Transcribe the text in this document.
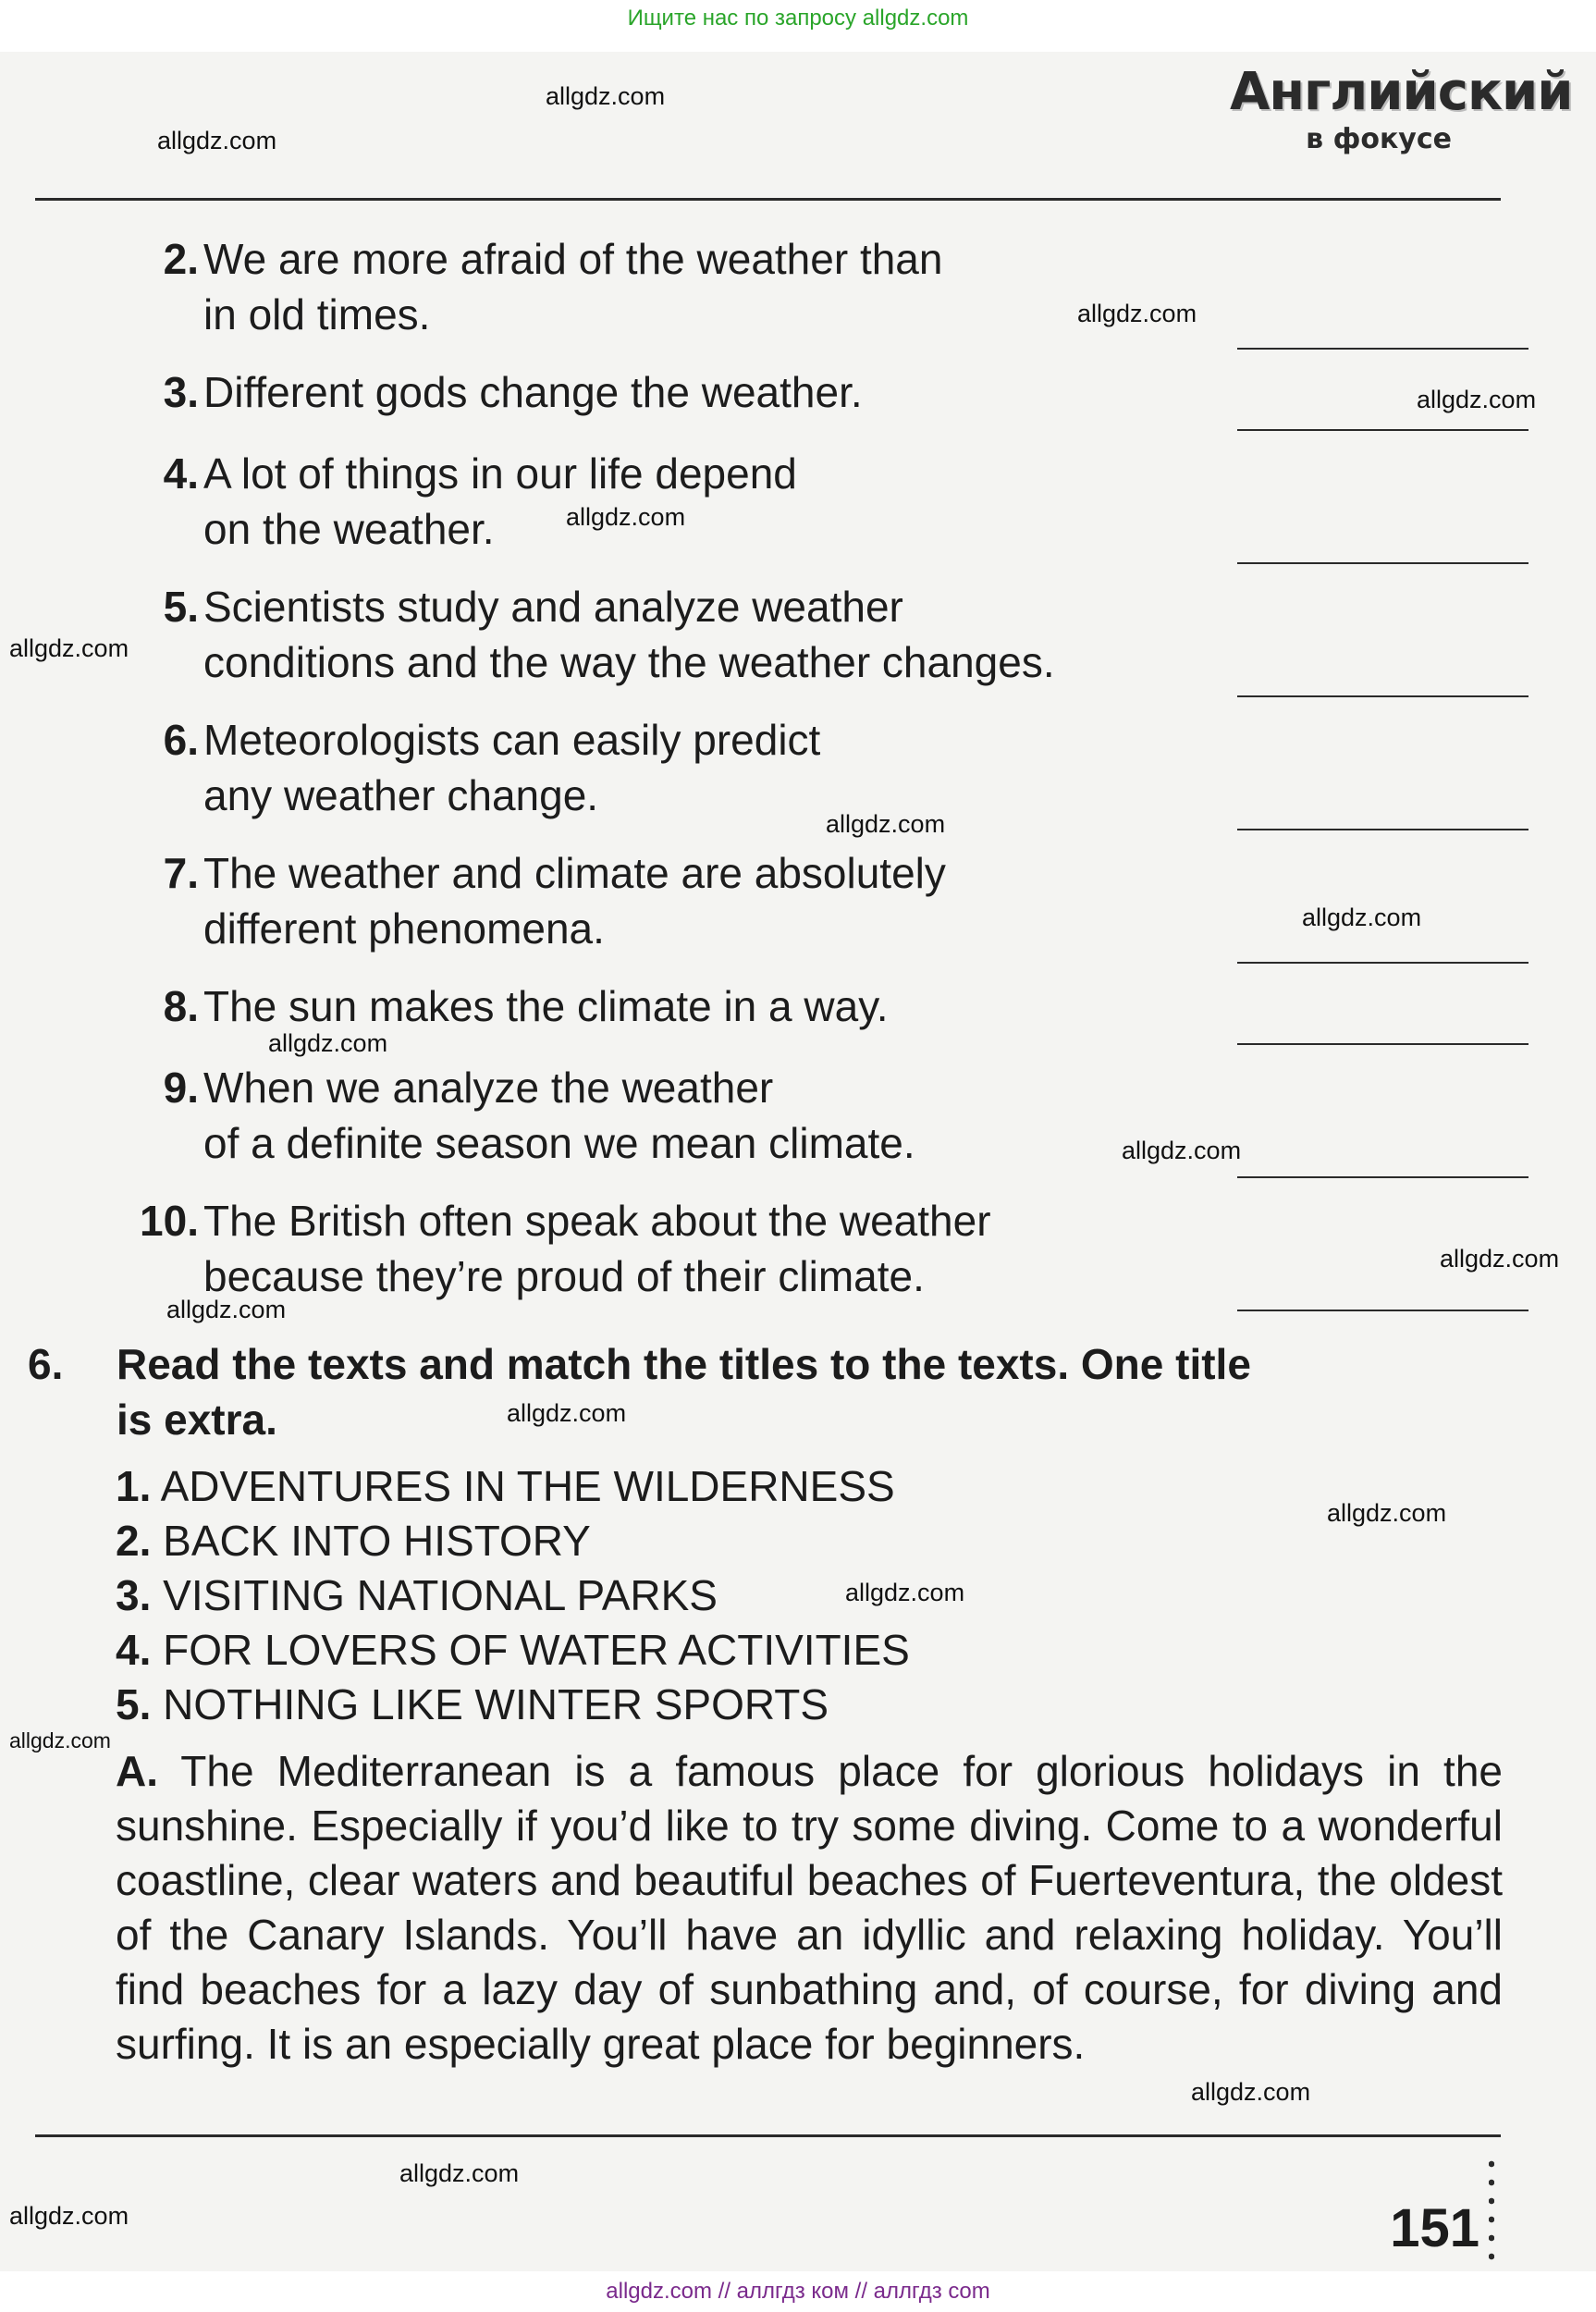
Ищите нас по запросу allgdz.com
Английский
в фокусе
2. We are more afraid of the weather than
in old times.
3. Different gods change the weather.
4. A lot of things in our life depend
on the weather.
5. Scientists study and analyze weather
conditions and the way the weather changes.
6. Meteorologists can easily predict
any weather change.
7. The weather and climate are absolutely
different phenomena.
8. The sun makes the climate in a way.
9. When we analyze the weather
of a definite season we mean climate.
10. The British often speak about the weather
because they’re proud of their climate.
6.	Read the texts and match the titles to the texts. One title
is extra.
1. ADVENTURES IN THE WILDERNESS
2. BACK INTO HISTORY
3. VISITING NATIONAL PARKS
4. FOR LOVERS OF WATER ACTIVITIES
5. NOTHING LIKE WINTER SPORTS
A. The Mediterranean is a famous place for glorious holidays in the sunshine. Especially if you’d like to try some diving. Come to a wonderful coastline, clear waters and beautiful beaches of Fuerteventura, the oldest of the Canary Islands. You’ll have an idyllic and relaxing holiday. You’ll find beaches for a lazy day of sunbathing and, of course, for diving and surfing. It is an especially great place for beginners.
151
allgdz.com
allgdz.com
allgdz.com
allgdz.com
allgdz.com
allgdz.com
allgdz.com
allgdz.com
allgdz.com
allgdz.com
allgdz.com
allgdz.com
allgdz.com
allgdz.com
allgdz.com
allgdz.com
allgdz.com
allgdz.com
allgdz.com
allgdz.com // аллгдз ком // аллгдз com
